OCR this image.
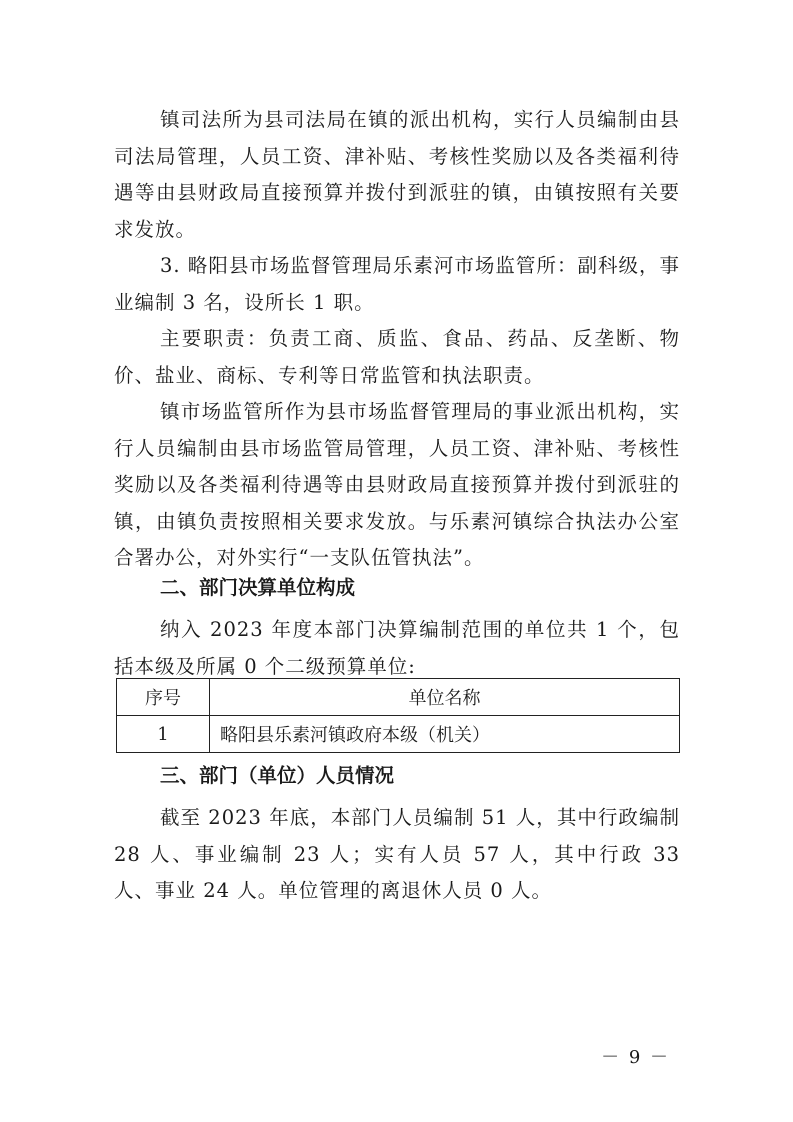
镇司法所为县司法局在镇的派出机构，实行人员编制由县司法局管理，人员工资、津补贴、考核性奖励以及各类福利待遇等由县财政局直接预算并拨付到派驻的镇，由镇按照有关要求发放。

3. 略阳县市场监督管理局乐素河市场监管所：副科级，事业编制 3 名，设所长 1 职。

主要职责：负责工商、质监、食品、药品、反垄断、物价、盐业、商标、专利等日常监管和执法职责。

镇市场监管所作为县市场监督管理局的事业派出机构，实行人员编制由县市场监管局管理，人员工资、津补贴、考核性奖励以及各类福利待遇等由县财政局直接预算并拨付到派驻的镇，由镇负责按照相关要求发放。与乐素河镇综合执法办公室合署办公，对外实行“一支队伍管执法”。

二、部门决算单位构成

纳入 2023 年度本部门决算编制范围的单位共 1 个，包括本级及所属 0 个二级预算单位:

序号	单位名称
1	略阳县乐素河镇政府本级（机关）
三、部门（单位）人员情况

截至 2023 年底，本部门人员编制 51 人，其中行政编制 28 人、事业编制 23 人；实有人员 57 人，其中行政 33 人、事业 24 人。单位管理的离退休人员 0 人。

－ 9 －
